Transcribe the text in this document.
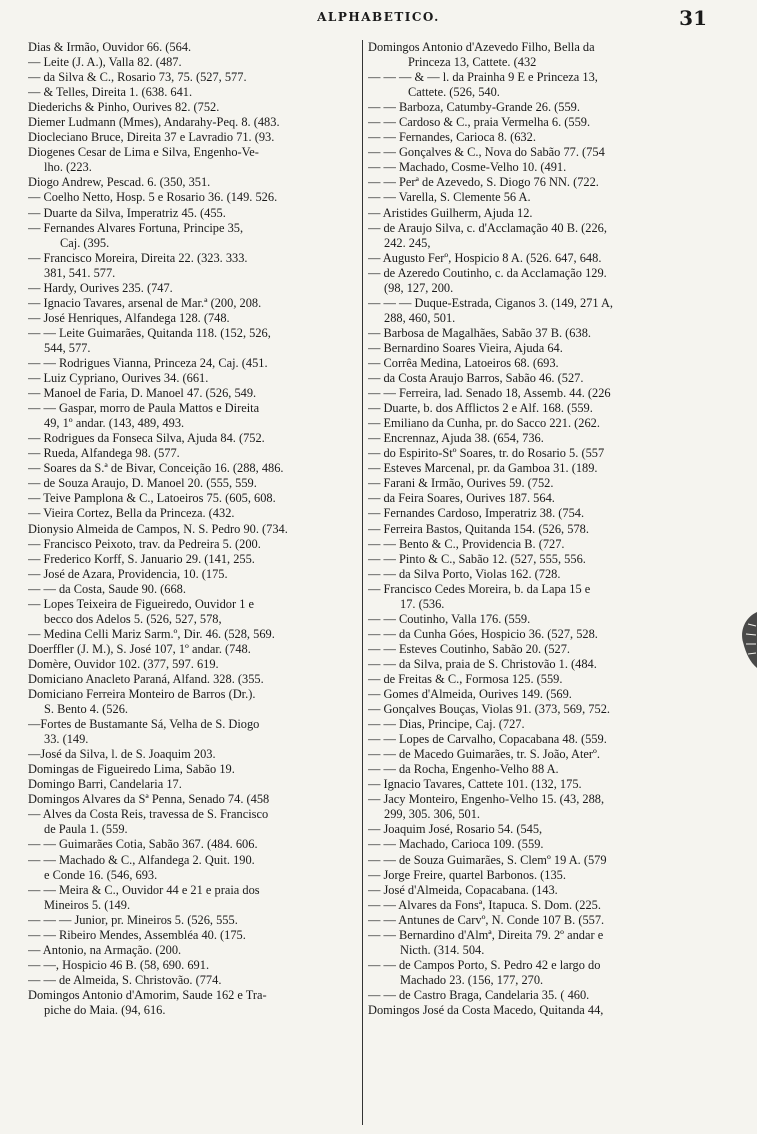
ALPHABETICO.	31
Dias & Irmão, Ouvidor 66. (564.
— Leite (J. A.), Valla 82. (487.
— da Silva & C., Rosario 73, 75. (527, 577.
— & Telles, Direita 1. (638. 641.
Diederichs & Pinho, Ourives 82. (752.
Diemer Ludmann (Mmes), Andarahy-Peq. 8. (483.
Diocleciano Bruce, Direita 37 e Lavradio 71. (93.
Diogenes Cesar de Lima e Silva, Engenho-Ve-
lho. (223.
Diogo Andrew, Pescad. 6. (350, 351.
— Coelho Netto, Hosp. 5 e Rosario 36. (149. 526.
— Duarte da Silva, Imperatriz 45. (455.
— Fernandes Alvares Fortuna, Principe 35,
Caj. (395.
— Francisco Moreira, Direita 22. (323. 333.
381, 541. 577.
— Hardy, Ourives 235. (747.
— Ignacio Tavares, arsenal de Mar.ª (200, 208.
— José Henriques, Alfandega 128. (748.
— — Leite Guimarães, Quitanda 118. (152, 526,
544, 577.
— — Rodrigues Vianna, Princeza 24, Caj. (451.
— Luiz Cypriano, Ourives 34. (661.
— Manoel de Faria, D. Manoel 47. (526, 549.
— — Gaspar, morro de Paula Mattos e Direita
49, 1º andar. (143, 489, 493.
— Rodrigues da Fonseca Silva, Ajuda 84. (752.
— Rueda, Alfandega 98. (577.
— Soares da S.ª de Bivar, Conceição 16. (288, 486.
— de Souza Araujo, D. Manoel 20. (555, 559.
— Teive Pamplona & C., Latoeiros 75. (605, 608.
— Vieira Cortez, Bella da Princeza. (432.
Dionysio Almeida de Campos, N. S. Pedro 90. (734.
— Francisco Peixoto, trav. da Pedreira 5. (200.
— Frederico Korff, S. Januario 29. (141, 255.
— José de Azara, Providencia, 10. (175.
— — da Costa, Saude 90. (668.
— Lopes Teixeira de Figueiredo, Ouvidor 1 e
becco dos Adelos 5. (526, 527, 578,
— Medina Celli Mariz Sarm.º, Dir. 46. (528, 569.
Doerffler (J. M.), S. José 107, 1º andar. (748.
Domère, Ouvidor 102. (377, 597. 619.
Domiciano Anacleto Paraná, Alfand. 328. (355.
Domiciano Ferreira Monteiro de Barros (Dr.).
S. Bento 4. (526.
—Fortes de Bustamante Sá, Velha de S. Diogo
33. (149.
—José da Silva, l. de S. Joaquim 203.
Domingas de Figueiredo Lima, Sabão 19.
Domingo Barri, Candelaria 17.
Domingos Alvares da Sª Penna, Senado 74. (458
— Alves da Costa Reis, travessa de S. Francisco
de Paula 1. (559.
— — Guimarães Cotia, Sabão 367. (484. 606.
— — Machado & C., Alfandega 2. Quit. 190.
e Conde 16. (546, 693.
— — Meira & C., Ouvidor 44 e 21 e praia dos
Mineiros 5. (149.
— — — Junior, pr. Mineiros 5. (526, 555.
— — Ribeiro Mendes, Assembléa 40. (175.
— Antonio, na Armação. (200.
— —, Hospicio 46 B. (58, 690. 691.
— — de Almeida, S. Christovão. (774.
Domingos Antonio d'Amorim, Saude 162 e Tra-
piche do Maia. (94, 616.
Domingos Antonio d'Azevedo Filho, Bella da
Princeza 13, Cattete. (432
— — — & — l. da Prainha 9 E e Princeza 13,
Cattete. (526, 540.
— — Barboza, Catumby-Grande 26. (559.
— — Cardoso & C., praia Vermelha 6. (559.
— — Fernandes, Carioca 8. (632.
— — Gonçalves & C., Nova do Sabão 77. (754
— — Machado, Cosme-Velho 10. (491.
— — Perª de Azevedo, S. Diogo 76 NN. (722.
— — Varella, S. Clemente 56 A.
— Aristides Guilherm, Ajuda 12.
— de Araujo Silva, c. d'Acclamação 40 B. (226,
242. 245,
— Augusto Ferº, Hospicio 8 A. (526. 647, 648.
— de Azeredo Coutinho, c. da Acclamação 129.
(98, 127, 200.
— — — Duque-Estrada, Ciganos 3. (149, 271 A,
288, 460, 501.
— Barbosa de Magalhães, Sabão 37 B. (638.
— Bernardino Soares Vieira, Ajuda 64.
— Corrêa Medina, Latoeiros 68. (693.
— da Costa Araujo Barros, Sabão 46. (527.
— — Ferreira, lad. Senado 18, Assemb. 44. (226
— Duarte, b. dos Afflictos 2 e Alf. 168. (559.
— Emiliano da Cunha, pr. do Sacco 221. (262.
— Encrennaz, Ajuda 38. (654, 736.
— do Espirito-Stº Soares, tr. do Rosario 5. (557
— Esteves Marcenal, pr. da Gamboa 31. (189.
— Farani & Irmão, Ourives 59. (752.
— da Feira Soares, Ourives 187. 564.
— Fernandes Cardoso, Imperatriz 38. (754.
— Ferreira Bastos, Quitanda 154. (526, 578.
— — Bento & C., Providencia B. (727.
— — Pinto & C., Sabão 12. (527, 555, 556.
— — da Silva Porto, Violas 162. (728.
— Francisco Cedes Moreira, b. da Lapa 15 e
17. (536.
— — Coutinho, Valla 176. (559.
— — da Cunha Góes, Hospicio 36. (527, 528.
— — Esteves Coutinho, Sabão 20. (527.
— — da Silva, praia de S. Christovão 1. (484.
— de Freitas & C., Formosa 125. (559.
— Gomes d'Almeida, Ourives 149. (569.
— Gonçalves Bouças, Violas 91. (373, 569, 752.
— — Dias, Principe, Caj. (727.
— — Lopes de Carvalho, Copacabana 48. (559.
— — de Macedo Guimarães, tr. S. João, Aterº.
— — da Rocha, Engenho-Velho 88 A.
— Ignacio Tavares, Cattete 101. (132, 175.
— Jacy Monteiro, Engenho-Velho 15. (43, 288,
299, 305. 306, 501.
— Joaquim José, Rosario 54. (545,
— — Machado, Carioca 109. (559.
— — de Souza Guimarães, S. Clemº 19 A. (579
— Jorge Freire, quartel Barbonos. (135.
— José d'Almeida, Copacabana. (143.
— — Alvares da Fonsª, Itapuca. S. Dom. (225.
— — Antunes de Carvº, N. Conde 107 B. (557.
— — Bernardino d'Almª, Direita 79. 2º andar e
Nicth. (314. 504.
— — de Campos Porto, S. Pedro 42 e largo do
Machado 23. (156, 177, 270.
— — de Castro Braga, Candelaria 35. ( 460.
Domingos José da Costa Macedo, Quitanda 44,
